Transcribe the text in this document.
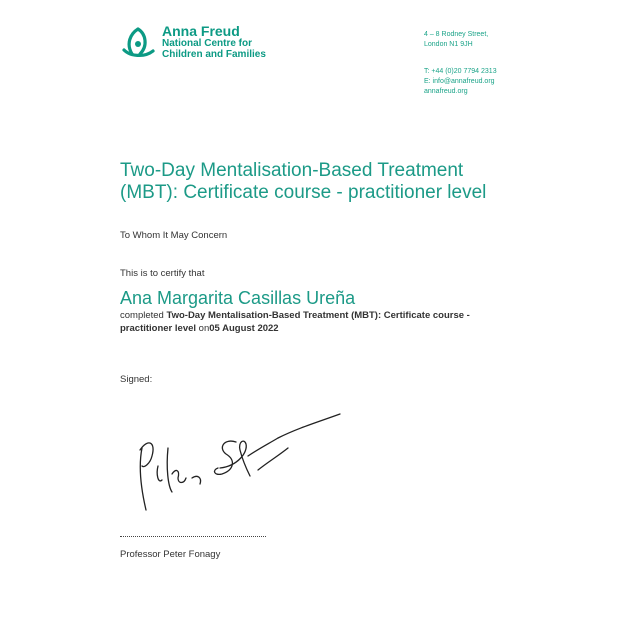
Anna Freud
National Centre for
Children and Families
4 – 8 Rodney Street,
London N1 9JH
T: +44 (0)20 7794 2313
E: info@annafreud.org
annafreud.org
Two-Day Mentalisation-Based Treatment (MBT): Certificate course - practitioner level
To Whom It May Concern
This is to certify that
Ana Margarita Casillas Ureña
completed Two-Day Mentalisation-Based Treatment (MBT): Certificate course - practitioner level on05 August 2022
Signed:
Professor Peter Fonagy
